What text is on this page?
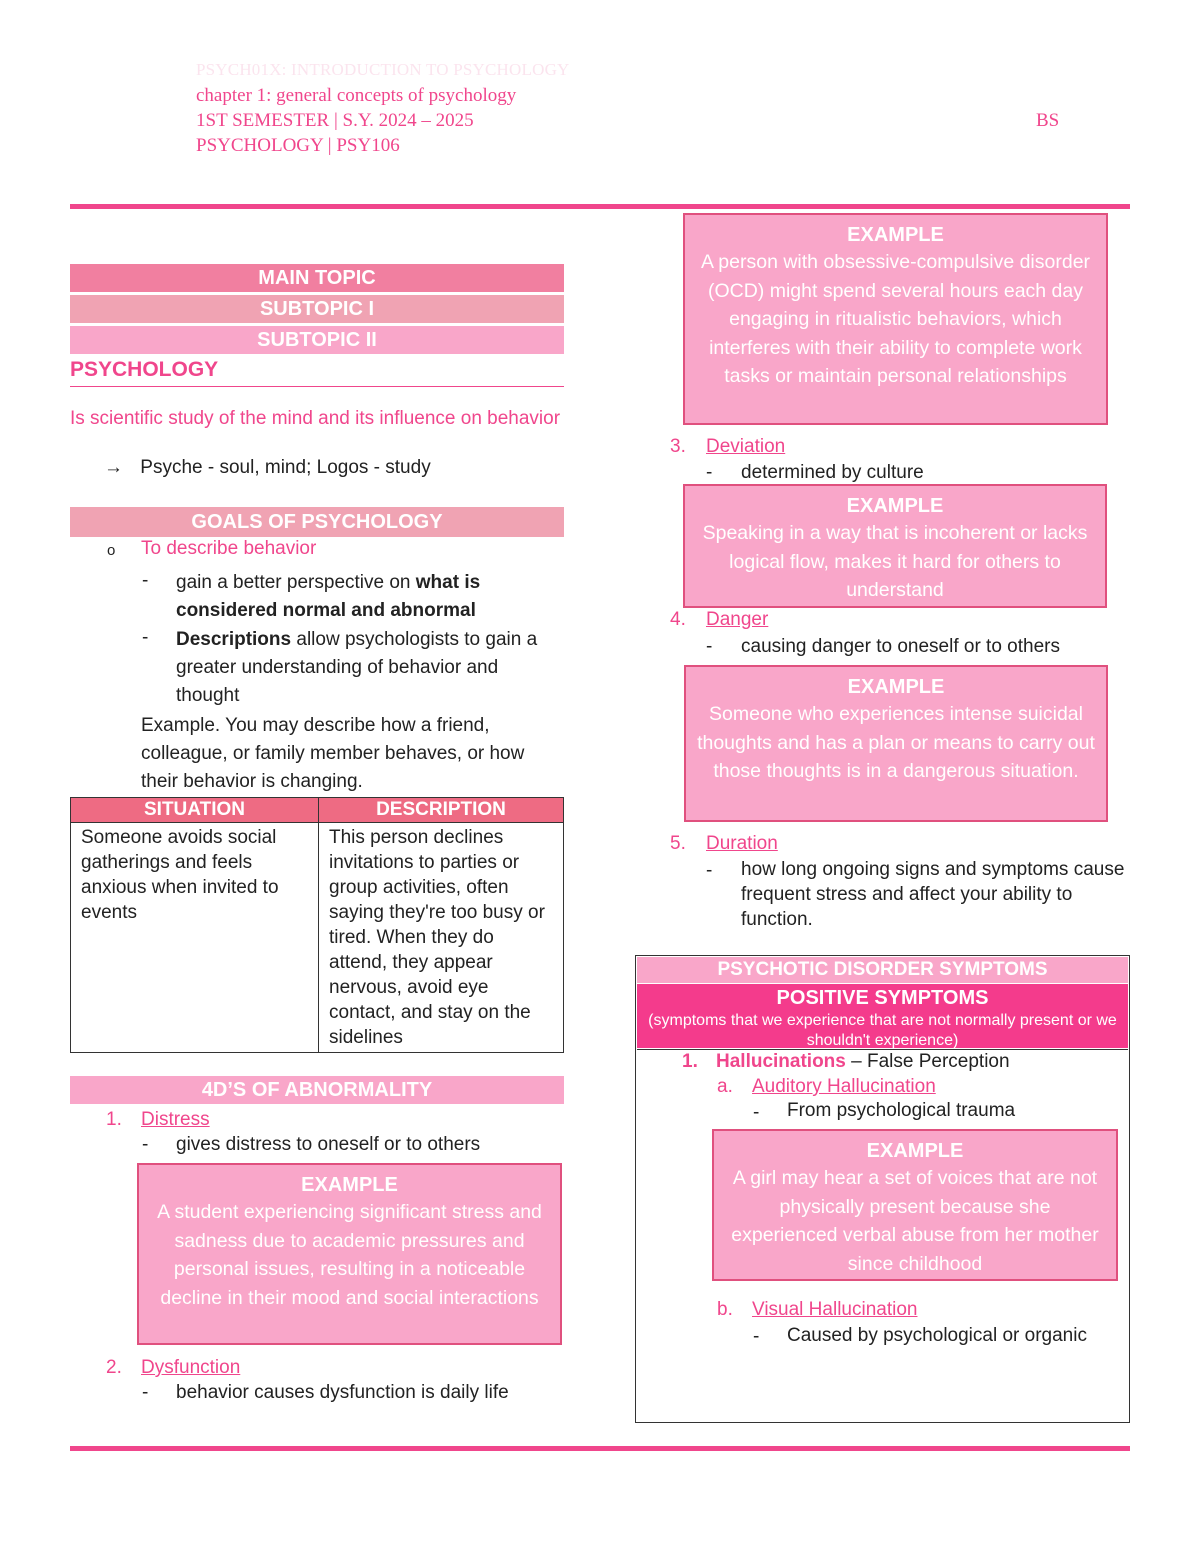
PSYCH01X: INTRODUCTION TO PSYCHOLOGY
chapter 1: general concepts of psychology
1ST SEMESTER | S.Y. 2024 – 2025	BS
PSYCHOLOGY | PSY106
MAIN TOPIC
SUBTOPIC I
SUBTOPIC II
PSYCHOLOGY
Is scientific study of the mind and its influence on behavior
→ Psyche - soul, mind; Logos - study
GOALS OF PSYCHOLOGY
o To describe behavior
- gain a better perspective on what is considered normal and abnormal
- Descriptions allow psychologists to gain a greater understanding of behavior and thought
Example. You may describe how a friend, colleague, or family member behaves, or how their behavior is changing.
SITUATION	DESCRIPTION
Someone avoids social gatherings and feels anxious when invited to events	This person declines invitations to parties or group activities, often saying they're too busy or tired. When they do attend, they appear nervous, avoid eye contact, and stay on the sidelines
4D’S OF ABNORMALITY
1. Distress
- gives distress to oneself or to others
EXAMPLE
A student experiencing significant stress and sadness due to academic pressures and personal issues, resulting in a noticeable decline in their mood and social interactions
2. Dysfunction
- behavior causes dysfunction is daily life
EXAMPLE
A person with obsessive-compulsive disorder (OCD) might spend several hours each day engaging in ritualistic behaviors, which interferes with their ability to complete work tasks or maintain personal relationships
3. Deviation
- determined by culture
EXAMPLE
Speaking in a way that is incoherent or lacks logical flow, makes it hard for others to understand
4. Danger
- causing danger to oneself or to others
EXAMPLE
Someone who experiences intense suicidal thoughts and has a plan or means to carry out those thoughts is in a dangerous situation.
5. Duration
- how long ongoing signs and symptoms cause frequent stress and affect your ability to function.
PSYCHOTIC DISORDER SYMPTOMS
POSITIVE SYMPTOMS
(symptoms that we experience that are not normally present or we shouldn't experience)
1. Hallucinations – False Perception
a. Auditory Hallucination
- From psychological trauma
EXAMPLE
A girl may hear a set of voices that are not physically present because she experienced verbal abuse from her mother since childhood
b. Visual Hallucination
- Caused by psychological or organic
